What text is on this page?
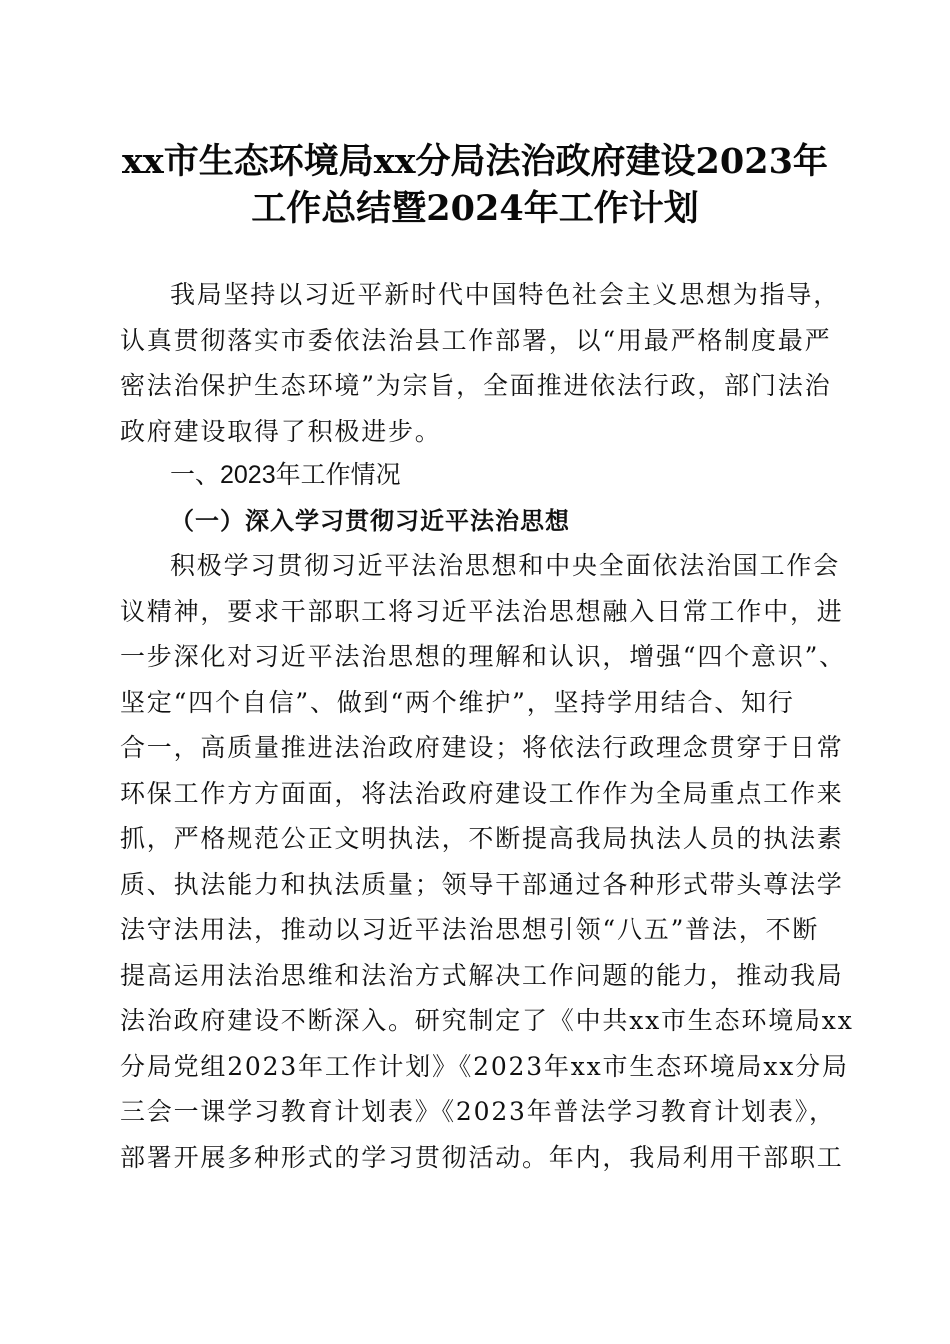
xx市生态环境局xx分局法治政府建设2023年
工作总结暨2024年工作计划
我局坚持以习近平新时代中国特色社会主义思想为指导，
认真贯彻落实市委依法治县工作部署，以“用最严格制度最严
密法治保护生态环境”为宗旨，全面推进依法行政，部门法治
政府建设取得了积极进步。
一、2023年工作情况
（一）深入学习贯彻习近平法治思想
积极学习贯彻习近平法治思想和中央全面依法治国工作会
议精神，要求干部职工将习近平法治思想融入日常工作中，进
一步深化对习近平法治思想的理解和认识，增强“四个意识”、
坚定“四个自信”、做到“两个维护”，坚持学用结合、知行
合一，高质量推进法治政府建设；将依法行政理念贯穿于日常
环保工作方方面面，将法治政府建设工作作为全局重点工作来
抓，严格规范公正文明执法，不断提高我局执法人员的执法素
质、执法能力和执法质量；领导干部通过各种形式带头尊法学
法守法用法，推动以习近平法治思想引领“八五”普法，不断
提高运用法治思维和法治方式解决工作问题的能力，推动我局
法治政府建设不断深入。研究制定了《中共xx市生态环境局xx
分局党组2023年工作计划》《2023年xx市生态环境局xx分局
三会一课学习教育计划表》《2023年普法学习教育计划表》，
部署开展多种形式的学习贯彻活动。年内，我局利用干部职工
